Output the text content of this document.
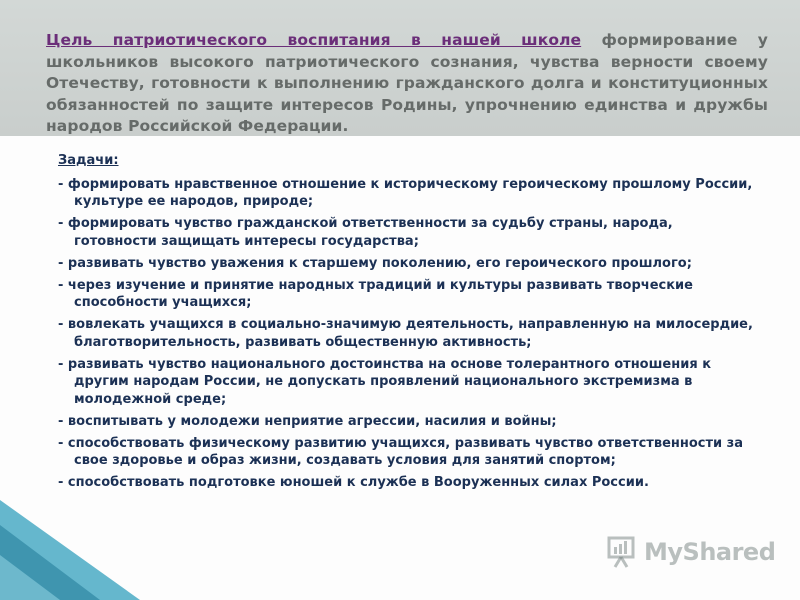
Цель патриотического воспитания в нашей школе формирование у школьников высокого патриотического сознания, чувства верности своему Отечеству, готовности к выполнению гражданского долга и конституционных обязанностей по защите интересов Родины, упрочнению единства и дружбы народов Российской Федерации.
Задачи:
- формировать нравственное отношение к историческому героическому прошлому России, культуре ее народов, природе;
- формировать чувство гражданской ответственности за судьбу страны, народа, готовности защищать интересы государства;
- развивать чувство уважения к старшему поколению, его героического прошлого;
- через изучение и принятие народных традиций и культуры развивать творческие способности учащихся;
- вовлекать учащихся в социально-значимую деятельность, направленную на милосердие, благотворительность, развивать общественную активность;
- развивать чувство национального достоинства на основе толерантного отношения к другим народам России, не допускать проявлений национального экстремизма в молодежной среде;
- воспитывать у молодежи неприятие агрессии, насилия и войны;
- способствовать физическому развитию учащихся, развивать чувство ответственности за свое здоровье и образ жизни, создавать условия для занятий спортом;
- способствовать подготовке юношей к службе в Вооруженных силах России.
MyShared
